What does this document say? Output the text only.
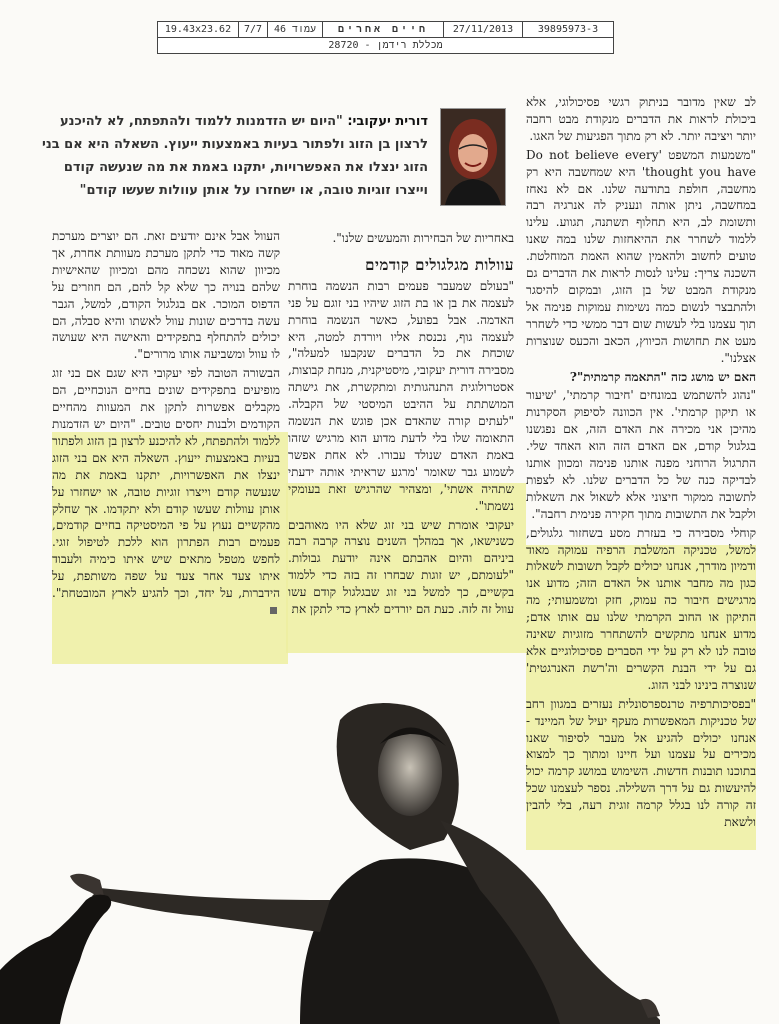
19.43x23.62	7/7	עמוד 46	חיים אחרים	27/11/2013	39895973-3
מכללת רידמן - 28720
דורית יעקובי: "היום יש הזדמנות ללמוד ולהתפתח, לא להיכנע לרצון בן הזוג ולפתור בעיות באמצעות ייעוץ. השאלה היא אם בני הזוג ינצלו את האפשרויות, יתקנו באמת את מה שנעשה קודם וייצרו זוגיות טובה, או ישחזרו על אותן עוולות שעשו קודם"

לב שאין מדובר בניתוק רגשי פסיכולוגי, אלא ביכולת לראות את הדברים מנקודת מבט רחבה יותר ויציבה יותר. לא רק מתוך הפגיעות של האגו.

"משמעות המשפט 'Do not believe every thought you have' היא שמחשבה היא רק מחשבה, חולפת בתודעה שלנו. אם לא נאחז במחשבה, ניתן אותה ונעניק לה אנרגיה רבה ותשומת לב, היא תחלוף תשתנה, תגווע. עלינו ללמוד לשחרר את ההיאחזות שלנו במה שאנו טועים לחשוב ולהאמין שהוא האמת המוחלטת. השכנה צריך: עלינו לנסות לראות את הדברים גם מנקודת המבט של בן הזוג, ובמקום להיסגר ולהתבצר לנשום כמה נשימות עמוקות פנימה אל תוך עצמנו בלי לעשות שום דבר ממשי כדי לשחרר מעט את תחושות הכיווץ, הכאב והכעס שנוצרות אצלנו".

האם יש מושג כזה "התאמה קרמתית"?

"נהוג להשתמש במונחים 'חיבור קרמתי', 'שיעור או תיקון קרמתי'. אין הכוונה לסיפוק הסקרנות מהיכן אני מכירה את האדם הזה, אם נפגשנו בגלגול קודם, אם האדם הזה הוא האחד שלי. התרגול הרוחני מפנה אותנו פנימה ומכוון אותנו לבדיקה כנה של כל הדברים שלנו. לא לצפות לתשובה ממקור חיצוני אלא לשאול את השאלות ולקבל את התשובות מתוך חקירה פנימית רחבה".

קוחלי מסבירה כי בעזרת מסע בשחזור גלגולים, למשל, טכניקה המשלבת הרפיה עמוקה מאוד ודמיון מודרך, אנחנו יכולים לקבל תשובות לשאלות כגון מה מחבר אותנו אל האדם הזה; מדוע אנו מרגישים חיבור כה עמוק, חזק ומשמעותי; מה התיקון או החוב הקרמתי שלנו עם אותו אדם; מדוע אנחנו מתקשים להשתחרר מזוגיות שאינה טובה לנו לא רק על ידי הסברים פסיכולוגיים אלא גם על ידי הבנת הקשרים וה'רשת האנרגטית' שנוצרה בינינו לבני הזוג.

"בפסיכותרפיה טרנספרסונלית נעזרים במגוון רחב של טכניקות המאפשרות מעקף יעיל של המיינד - אנחנו יכולים להגיע אל מעבר לסיפור שאנו מכירים על עצמנו ועל חיינו ומתוך כך למצוא בתוכנו תובנות חדשות. השימוש במושג קרמה יכול להיעשות גם על דרך השלילה. נספר לעצמנו שכל זה קורה לנו בגלל קרמה זוגית רעה, בלי להבין ולשאת

באחריות של הבחירות והמעשים שלנו".

עוולות מגלגולים קודמים

"בעולם שמעבר פעמים רבות הנשמה בוחרת לעצמה את בן או בת הזוג שיהיו בני זוגם על פני האדמה. אבל בפועל, כאשר הנשמה בוחרת לעצמה גוף, נכנסת אליו ויורדת למטה, היא שוכחת את כל הדברים שנקבעו למעלה", מסבירה דורית יעקובי, מיסטיקנית, מנחת קבוצות, אסטרולוגית התנהגותית ומתקשרת, את גישתה המושתתת על ההיבט המיסטי של הקבלה. "לעתים קורה שהאדם אכן פוגש את הנשמה התאומה שלו בלי לדעת מדוע הוא מרגיש שזהו באמת האדם שנולד עבורו. לא אחת אפשר לשמוע גבר שאומר 'מרגע שראיתי אותה ידעתי שתהיה אשתי', ומצהיר שהרגיש זאת בעומקי נשמתו".

יעקובי אומרת שיש בני זוג שלא היו מאוהבים כשנישאו, אך במהלך השנים נוצרה קרבה רבה ביניהם והיום אהבתם אינה יודעת גבולות. "לעומתם, יש זוגות שבחרו זה בזה כדי ללמוד בקשיים, כך למשל בני זוג שבגלגול קודם עשו עוול זה לזה. כעת הם יורדים לארץ כדי לתקן את

העוול אבל אינם יודעים זאת. הם יוצרים מערכת קשה מאוד כדי לתקן מערכת מעוותת אחרת, אך מכיוון שהוא נשכחה מהם ומכיוון שהאישיות שלהם בנויה כך שלא קל להם, הם חוזרים על הדפוס המוכר. אם בגלגול הקודם, למשל, הגבר עשה בדרכים שונות עוול לאשתו והיא סבלה, הם יכולים להתחלף בתפקידים והאישה היא שעושה לו עוול ומשביעה אותו מרורים".

הבשורה הטובה לפי יעקובי היא שגם אם בני זוג מופיעים בתפקידים שונים בחיים הנוכחיים, הם מקבלים אפשרות לתקן את המעוות מהחיים הקודמים ולבנות יחסים טובים. "היום יש הזדמנות ללמוד ולהתפתח, לא להיכנע לרצון בן הזוג ולפתור בעיות באמצעות ייעוץ. השאלה היא אם בני הזוג ינצלו את האפשרויות, יתקנו באמת את מה שנעשה קודם וייצרו זוגיות טובה, או ישחזרו על אותן עוולות שעשו קודם ולא יתקדמו. אך שחלק מהקשיים נעוץ על פי המיסטיקה בחיים קודמים, פעמים רבות הפתרון הוא ללכת לטיפול זוגי. לחפש מטפל מתאים שיש איתו כימיה ולעבוד איתו צעד אחר צעד על שפה משותפת, על הידברות, על יחד, וכך להגיע לארץ המובטחת".
